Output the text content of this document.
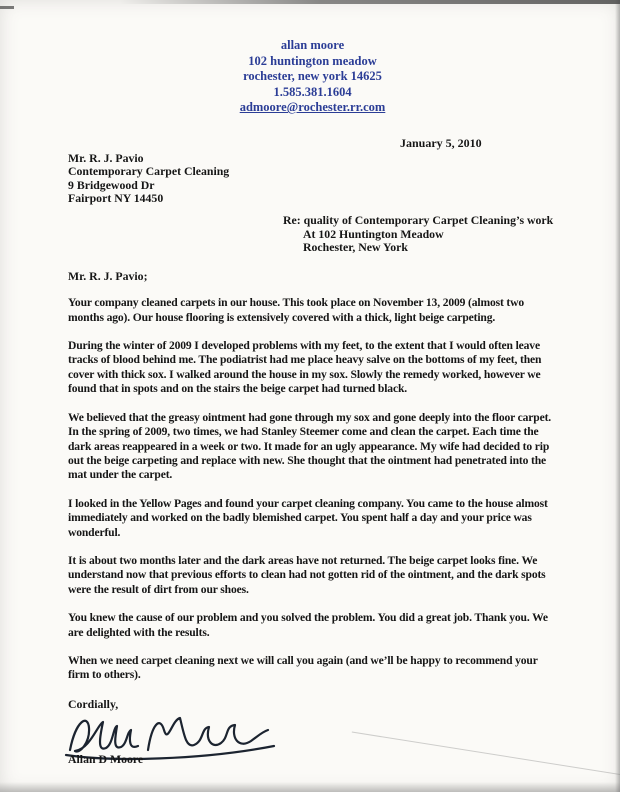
allan moore
102 huntington meadow
rochester, new york 14625
1.585.381.1604
admoore@rochester.rr.com
January 5, 2010
Mr. R. J. Pavio
Contemporary Carpet Cleaning
9 Bridgewood Dr
Fairport NY 14450
Re: quality of Contemporary Carpet Cleaning’s work
At 102 Huntington Meadow
Rochester, New York
Mr. R. J. Pavio;

Your company cleaned carpets in our house. This took place on November 13, 2009 (almost two months ago). Our house flooring is extensively covered with a thick, light beige carpeting.

During the winter of 2009 I developed problems with my feet, to the extent that I would often leave tracks of blood behind me. The podiatrist had me place heavy salve on the bottoms of my feet, then cover with thick sox. I walked around the house in my sox. Slowly the remedy worked, however we found that in spots and on the stairs the beige carpet had turned black.

We believed that the greasy ointment had gone through my sox and gone deeply into the floor carpet. In the spring of 2009, two times, we had Stanley Steemer come and clean the carpet. Each time the dark areas reappeared in a week or two. It made for an ugly appearance. My wife had decided to rip out the beige carpeting and replace with new. She thought that the ointment had penetrated into the mat under the carpet.

I looked in the Yellow Pages and found your carpet cleaning company. You came to the house almost immediately and worked on the badly blemished carpet. You spent half a day and your price was wonderful.

It is about two months later and the dark areas have not returned. The beige carpet looks fine. We understand now that previous efforts to clean had not gotten rid of the ointment, and the dark spots were the result of dirt from our shoes.

You knew the cause of our problem and you solved the problem. You did a great job. Thank you. We are delighted with the results.

When we need carpet cleaning next we will call you again (and we’ll be happy to recommend your firm to others).

Cordially,
Allan D Moore
